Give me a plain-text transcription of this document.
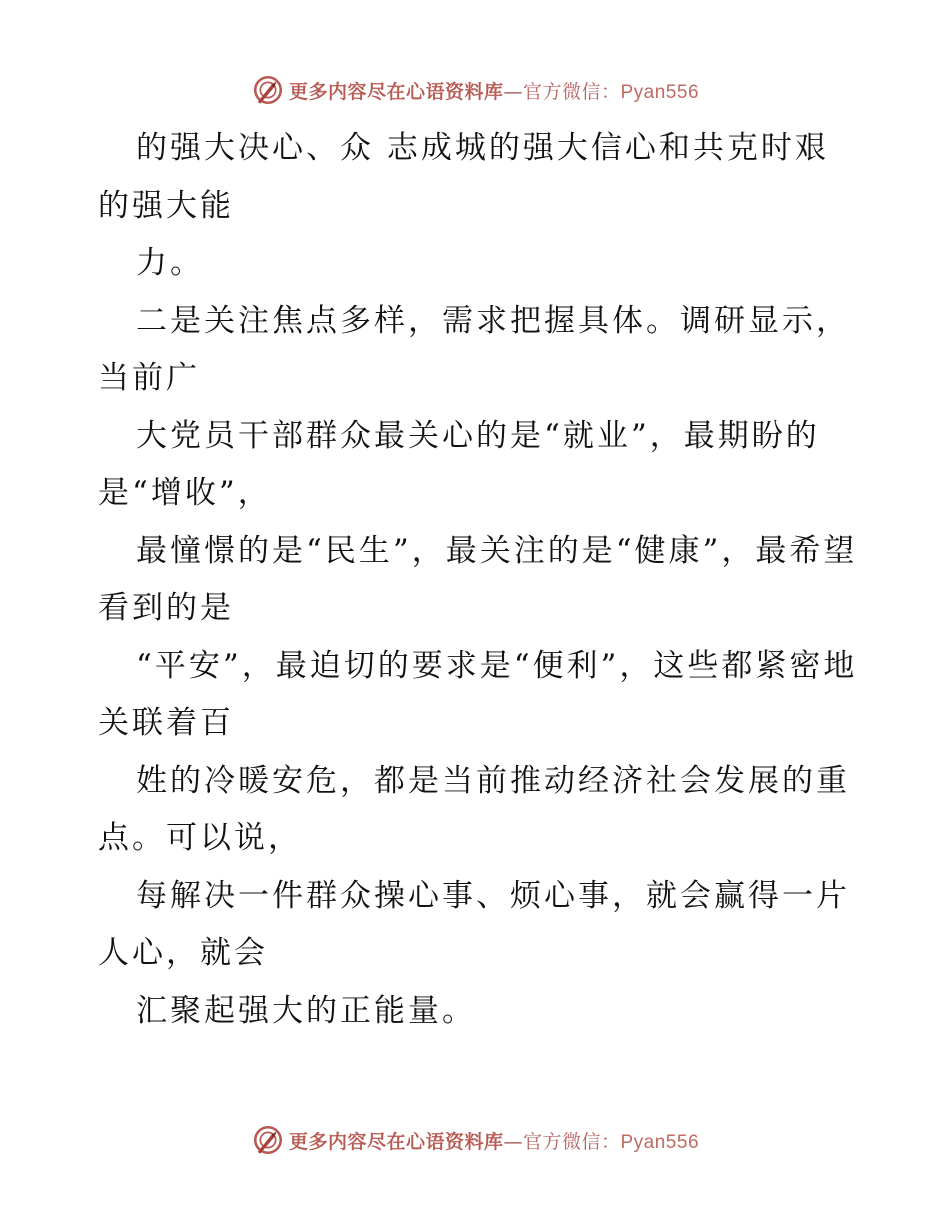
更多内容尽在心语资料库—官方微信：Pyan556

的强大决心、众 志成城的强大信心和共克时艰的强大能

力。

二是关注焦点多样，需求把握具体。调研显示，当前广

大党员干部群众最关心的是“就业”，最期盼的是“增收”，

最憧憬的是“民生”，最关注的是“健康”，最希望看到的是

“平安”，最迫切的要求是“便利”，这些都紧密地关联着百

姓的冷暖安危，都是当前推动经济社会发展的重点。可以说，

每解决一件群众操心事、烦心事，就会赢得一片人心，就会

汇聚起强大的正能量。

更多内容尽在心语资料库—官方微信：Pyan556
